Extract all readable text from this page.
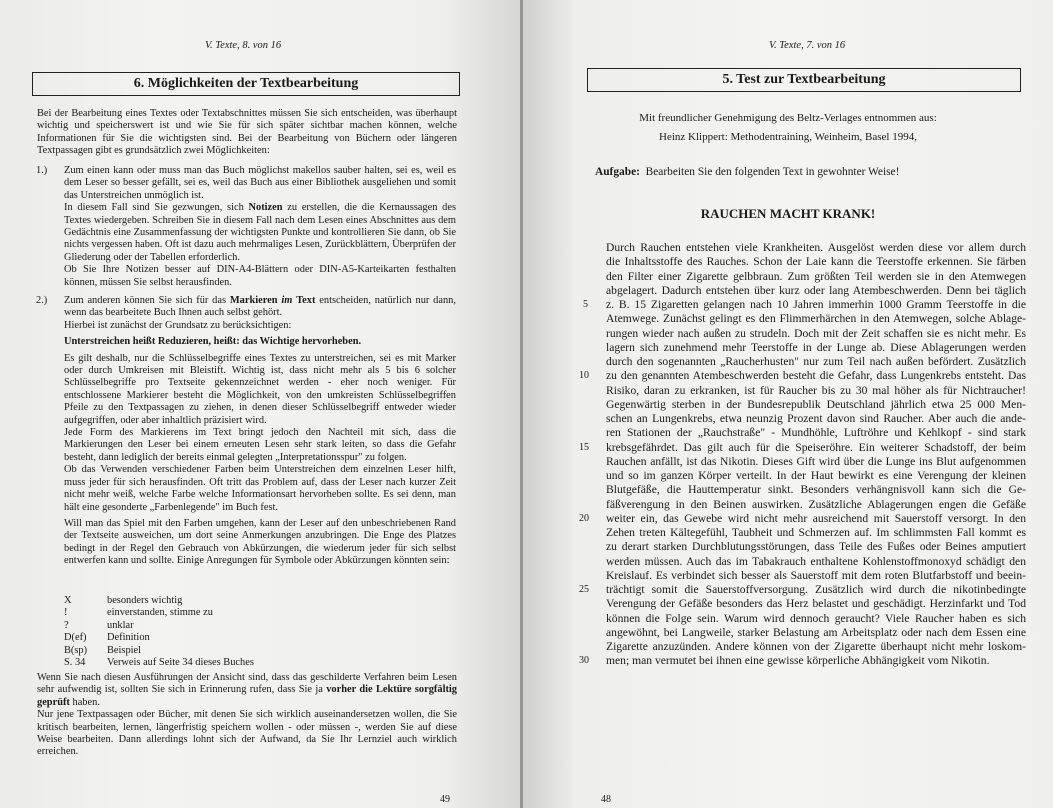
V. Texte, 8. von 16
6. Möglichkeiten der Textbearbeitung
Bei der Bearbeitung eines Textes oder Textabschnittes müssen Sie sich entscheiden, was überhaupt wichtig und speicherswert ist und wie Sie für sich später sichtbar machen können, welche Informationen für Sie die wichtigsten sind. Bei der Bearbeitung von Büchern oder längeren Textpassagen gibt es grundsätzlich zwei Möglichkeiten:
1.) Zum einen kann oder muss man das Buch möglichst makellos sauber halten, sei es, weil es dem Leser so besser gefällt, sei es, weil das Buch aus einer Bibliothek ausgeliehen und somit das Unterstreichen unmöglich ist.

In diesem Fall sind Sie gezwungen, sich Notizen zu erstellen, die die Kernaussagen des Textes wiedergeben. Schreiben Sie in diesem Fall nach dem Lesen eines Abschnittes aus dem Gedächtnis eine Zusammenfassung der wichtigsten Punkte und kontrollieren Sie dann, ob Sie nichts vergessen haben. Oft ist dazu auch mehrmaliges Lesen, Zurückblättern, Überprüfen der Gliederung oder der Tabellen erforderlich.

Ob Sie Ihre Notizen besser auf DIN-A4-Blättern oder DIN-A5-Karteikarten festhalten können, müssen Sie selbst herausfinden.

2.) Zum anderen können Sie sich für das Markieren im Text entscheiden, natürlich nur dann, wenn das bearbeitete Buch Ihnen auch selbst gehört.

Hierbei ist zunächst der Grundsatz zu berücksichtigen:

Unterstreichen heißt Reduzieren, heißt: das Wichtige hervorheben.

Es gilt deshalb, nur die Schlüsselbegriffe eines Textes zu unterstreichen, sei es mit Marker oder durch Umkreisen mit Bleistift. Wichtig ist, dass nicht mehr als 5 bis 6 solcher Schlüsselbegriffe pro Textseite gekennzeichnet werden - eher noch weniger. Für entschlossene Markierer besteht die Möglichkeit, von den umkreisten Schlüsselbegriffen Pfeile zu den Textpassagen zu ziehen, in denen dieser Schlüsselbegriff entweder wieder aufgegriffen, oder aber inhaltlich präzisiert wird.

Jede Form des Markierens im Text bringt jedoch den Nachteil mit sich, dass die Markierungen den Leser bei einem erneuten Lesen sehr stark leiten, so dass die Gefahr besteht, dann lediglich der bereits einmal gelegten „Interpretationsspur" zu folgen.

Ob das Verwenden verschiedener Farben beim Unterstreichen dem einzelnen Leser hilft, muss jeder für sich herausfinden. Oft tritt das Problem auf, dass der Leser nach kurzer Zeit nicht mehr weiß, welche Farbe welche Informationsart hervorheben sollte. Es sei denn, man hält eine gesonderte „Farbenlegende" im Buch fest.

Will man das Spiel mit den Farben umgehen, kann der Leser auf den unbeschriebenen Rand der Textseite ausweichen, um dort seine Anmerkungen anzubringen. Die Enge des Platzes bedingt in der Regel den Gebrauch von Abkürzungen, die wiederum jeder für sich selbst entwerfen kann und sollte. Einige Anregungen für Symbole oder Abkürzungen könnten sein:

X	besonders wichtig
!	einverstanden, stimme zu
?	unklar
D(ef)	Definition
B(sp)	Beispiel
S. 34	Verweis auf Seite 34 dieses Buches

Wenn Sie nach diesen Ausführungen der Ansicht sind, dass das geschilderte Verfahren beim Lesen sehr aufwendig ist, sollten Sie sich in Erinnerung rufen, dass Sie ja vorher die Lektüre sorgfältig geprüft haben.

Nur jene Textpassagen oder Bücher, mit denen Sie sich wirklich auseinandersetzen wollen, die Sie kritisch bearbeiten, lernen, längerfristig speichern wollen - oder müssen -, werden Sie auf diese Weise bearbeiten. Dann allerdings lohnt sich der Aufwand, da Sie Ihr Lernziel auch wirklich erreichen.

49
V. Texte, 7. von 16
5. Test zur Textbearbeitung
Mit freundlicher Genehmigung des Beltz-Verlages entnommen aus:
Heinz Klippert: Methodentraining, Weinheim, Basel 1994,
Aufgabe: Bearbeiten Sie den folgenden Text in gewohnter Weise!
RAUCHEN MACHT KRANK!
Durch Rauchen entstehen viele Krankheiten. Ausgelöst werden diese vor allem durch
die Inhaltsstoffe des Rauches. Schon der Laie kann die Teerstoffe erkennen. Sie färben
den Filter einer Zigarette gelbbraun. Zum größten Teil werden sie in den Atemwegen
abgelagert. Dadurch entstehen über kurz oder lang Atembeschwerden. Denn bei täglich
z. B. 15 Zigaretten gelangen nach 10 Jahren immerhin 1000 Gramm Teerstoffe in die
Atemwege. Zunächst gelingt es den Flimmerhärchen in den Atemwegen, solche Ablage-
rungen wieder nach außen zu strudeln. Doch mit der Zeit schaffen sie es nicht mehr. Es
lagern sich zunehmend mehr Teerstoffe in der Lunge ab. Diese Ablagerungen werden
durch den sogenannten „Raucherhusten" nur zum Teil nach außen befördert. Zusätzlich
zu den genannten Atembeschwerden besteht die Gefahr, dass Lungenkrebs entsteht. Das
Risiko, daran zu erkranken, ist für Raucher bis zu 30 mal höher als für Nichtraucher!
Gegenwärtig sterben in der Bundesrepublik Deutschland jährlich etwa 25 000 Men-
schen an Lungenkrebs, etwa neunzig Prozent davon sind Raucher. Aber auch die ande-
ren Stationen der „Rauchstraße" - Mundhöhle, Luftröhre und Kehlkopf - sind stark
krebsgefährdet. Das gilt auch für die Speiseröhre. Ein weiterer Schadstoff, der beim
Rauchen anfällt, ist das Nikotin. Dieses Gift wird über die Lunge ins Blut aufgenommen
und so im ganzen Körper verteilt. In der Haut bewirkt es eine Verengung der kleinen
Blutgefäße, die Hauttemperatur sinkt. Besonders verhängnisvoll kann sich die Ge-
fäßverengung in den Beinen auswirken. Zusätzliche Ablagerungen engen die Gefäße
weiter ein, das Gewebe wird nicht mehr ausreichend mit Sauerstoff versorgt. In den
Zehen treten Kältegefühl, Taubheit und Schmerzen auf. Im schlimmsten Fall kommt es
zu derart starken Durchblutungsstörungen, dass Teile des Fußes oder Beines amputiert
werden müssen. Auch das im Tabakrauch enthaltene Kohlenstoffmonoxyd schädigt den
Kreislauf. Es verbindet sich besser als Sauerstoff mit dem roten Blutfarbstoff und beein-
trächtigt somit die Sauerstoffversorgung. Zusätzlich wird durch die nikotinbedingte
Verengung der Gefäße besonders das Herz belastet und geschädigt. Herzinfarkt und Tod
können die Folge sein. Warum wird dennoch geraucht? Viele Raucher haben es sich
angewöhnt, bei Langweile, starker Belastung am Arbeitsplatz oder nach dem Essen eine
Zigarette anzuzünden. Andere können von der Zigarette überhaupt nicht mehr loskom-
men; man vermutet bei ihnen eine gewisse körperliche Abhängigkeit vom Nikotin.
5
10
15
20
25
30
48
